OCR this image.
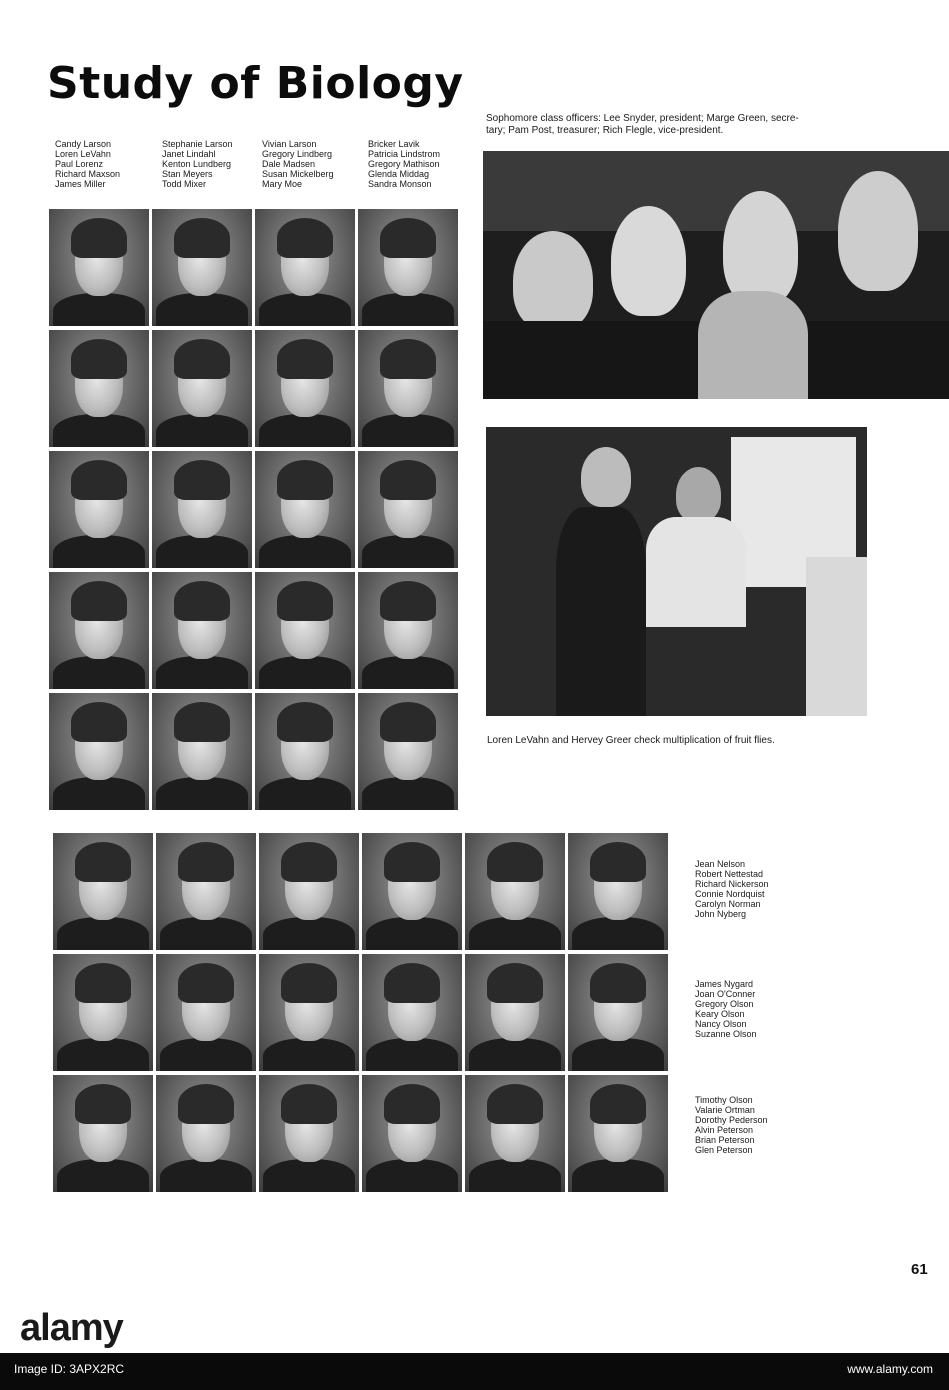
Study of Biology
Candy Larson
Loren LeVahn
Paul Lorenz
Richard Maxson
James Miller
Stephanie Larson
Janet Lindahl
Kenton Lundberg
Stan Meyers
Todd Mixer
Vivian Larson
Gregory Lindberg
Dale Madsen
Susan Mickelberg
Mary Moe
Bricker Lavik
Patricia Lindstrom
Gregory Mathison
Glenda Middag
Sandra Monson
Sophomore class officers: Lee Snyder, president; Marge Green, secre-
tary; Pam Post, treasurer; Rich Flegle, vice-president.
Loren LeVahn and Hervey Greer check multiplication of fruit flies.
Jean Nelson
Robert Nettestad
Richard Nickerson
Connie Nordquist
Carolyn Norman
John Nyberg
James Nygard
Joan O'Conner
Gregory Olson
Keary Olson
Nancy Olson
Suzanne Olson
Timothy Olson
Valarie Ortman
Dorothy Pederson
Alvin Peterson
Brian Peterson
Glen Peterson
61
alamy
Image ID: 3APX2RC	www.alamy.com
